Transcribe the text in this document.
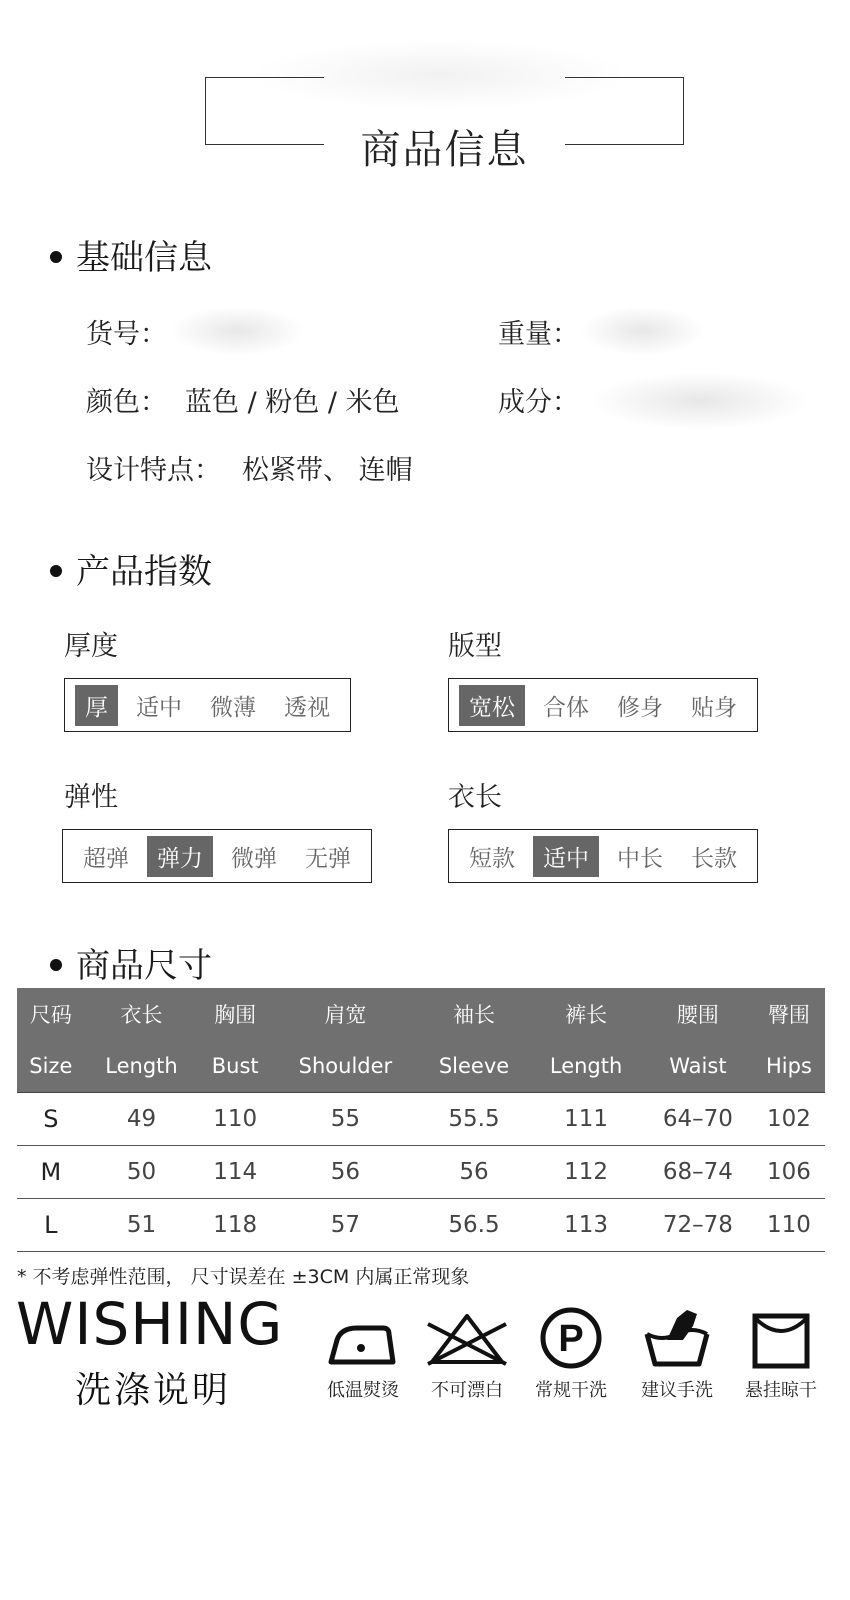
商品信息
基础信息
货号：	重量：
颜色： 蓝色 / 粉色 / 米色	成分：
设计特点： 松紧带、 连帽
产品指数
厚度
厚	适中	微薄	透视
版型
宽松	合体	修身	贴身
弹性
超弹	弹力	微弹	无弹
衣长
短款	适中	中长	长款
商品尺寸
尺码	衣长	胸围	肩宽	袖长	裤长	腰围	臀围
Size	Length	Bust	Shoulder	Sleeve	Length	Waist	Hips
S	49	110	55	55.5	111	64–70	102
M	50	114	56	56	112	68–74	106
L	51	118	57	56.5	113	72–78	110
* 不考虑弹性范围， 尺寸误差在 ±3CM 内属正常现象
WISHING
洗涤说明	低温熨烫	不可漂白
P
常规干洗	建议手洗	悬挂晾干
